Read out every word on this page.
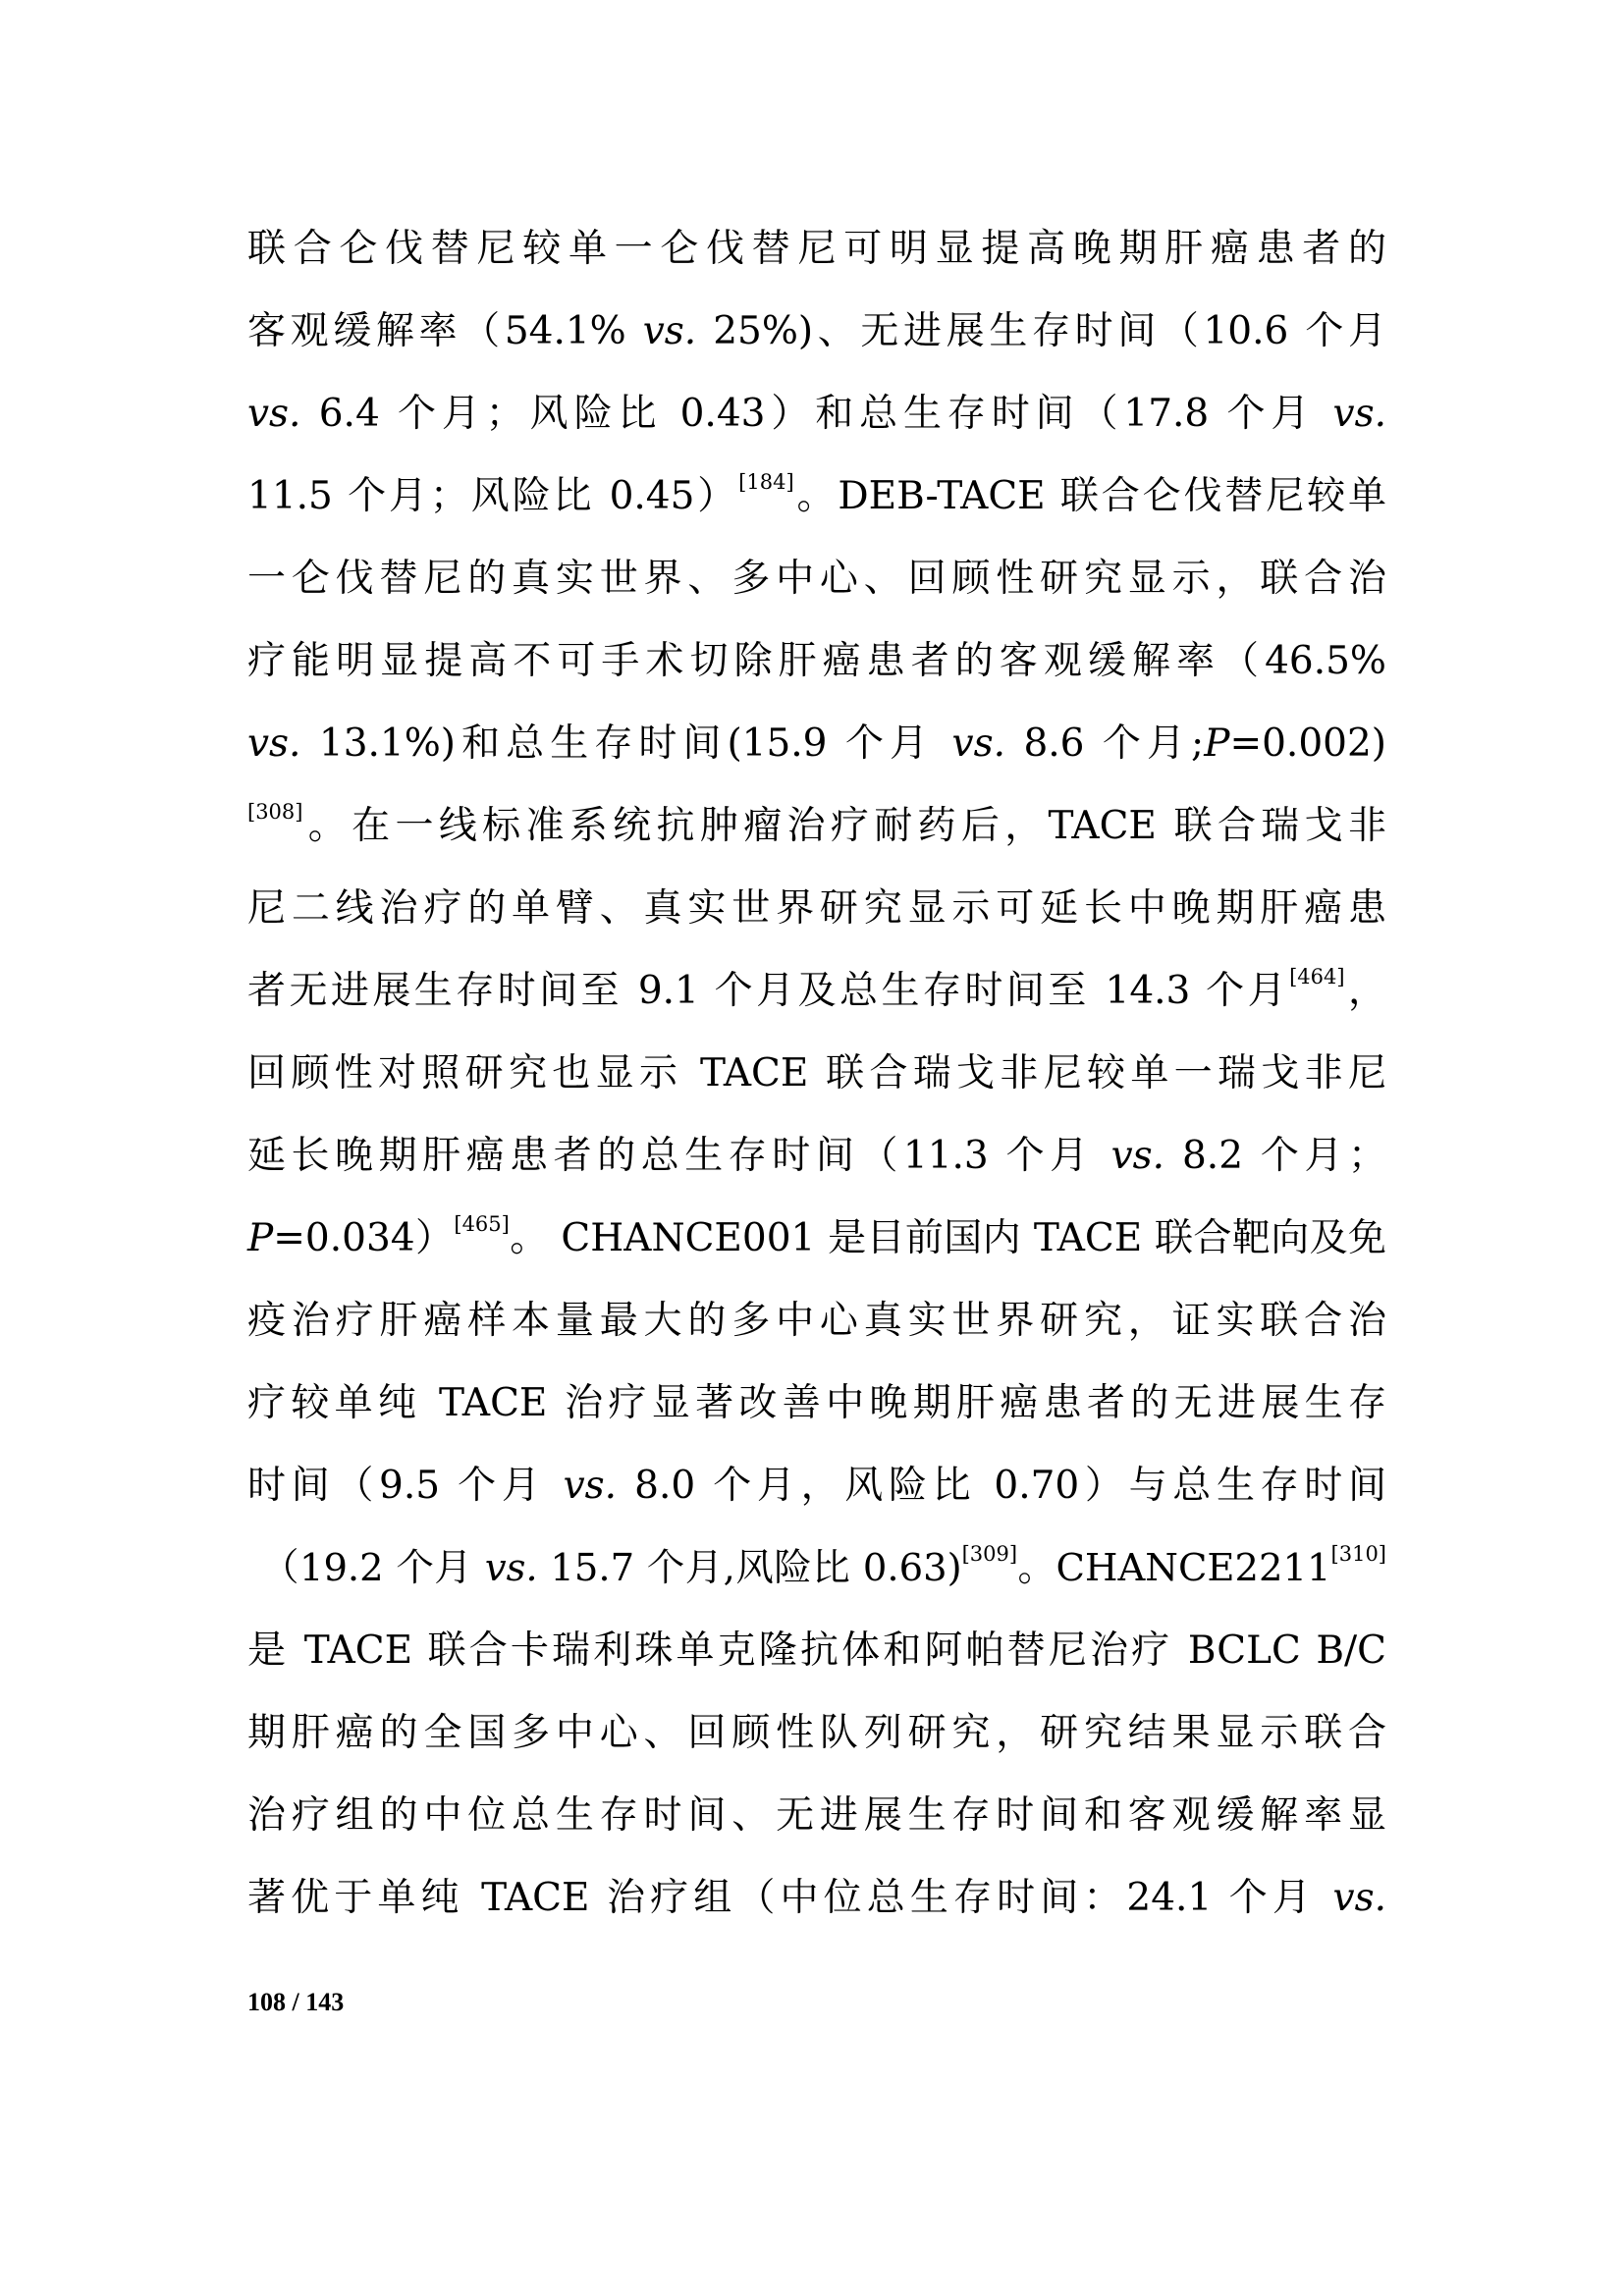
联合仑伐替尼较单一仑伐替尼可明显提高晚期肝癌患者的
客观缓解率（54.1% vs. 25%)、无进展生存时间（10.6 个月
vs. 6.4 个月；风险比 0.43）和总生存时间（17.8 个月 vs.
11.5 个月；风险比 0.45）[184]。DEB-TACE 联合仑伐替尼较单
一仑伐替尼的真实世界、多中心、回顾性研究显示，联合治
疗能明显提高不可手术切除肝癌患者的客观缓解率（46.5%
vs. 13.1%)和总生存时间(15.9 个月 vs. 8.6 个月;P=0.002)
[308]。在一线标准系统抗肿瘤治疗耐药后，TACE 联合瑞戈非
尼二线治疗的单臂、真实世界研究显示可延长中晚期肝癌患
者无进展生存时间至 9.1 个月及总生存时间至 14.3 个月[464]，
回顾性对照研究也显示 TACE 联合瑞戈非尼较单一瑞戈非尼
延长晚期肝癌患者的总生存时间（11.3 个月 vs. 8.2 个月；
P=0.034）[465]。 CHANCE001 是目前国内 TACE 联合靶向及免
疫治疗肝癌样本量最大的多中心真实世界研究，证实联合治
疗较单纯 TACE 治疗显著改善中晚期肝癌患者的无进展生存
时间（9.5 个月 vs. 8.0 个月，风险比 0.70）与总生存时间
（19.2 个月 vs. 15.7 个月,风险比 0.63)[309]。CHANCE2211[310]
是 TACE 联合卡瑞利珠单克隆抗体和阿帕替尼治疗 BCLC B/C
期肝癌的全国多中心、回顾性队列研究，研究结果显示联合
治疗组的中位总生存时间、无进展生存时间和客观缓解率显
著优于单纯 TACE 治疗组（中位总生存时间：24.1 个月 vs.
108 / 143
